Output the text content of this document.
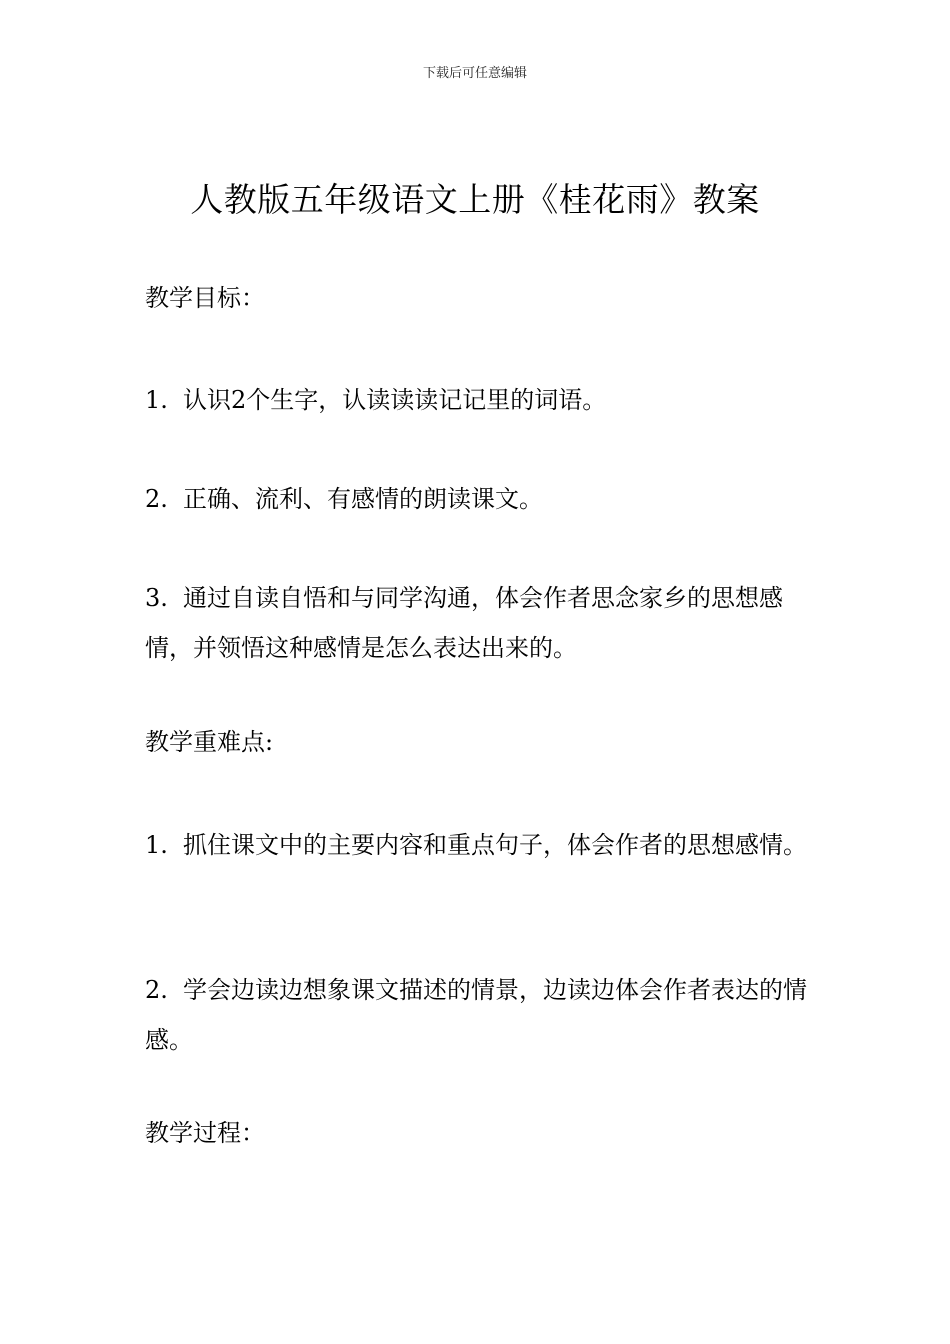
下载后可任意编辑
人教版五年级语文上册《桂花雨》教案

教学目标：

1. 认识2个生字，认读读读记记里的词语。

2. 正确、流利、有感情的朗读课文。

3. 通过自读自悟和与同学沟通，体会作者思念家乡的思想感情，并领悟这种感情是怎么表达出来的。

教学重难点:

1. 抓住课文中的主要内容和重点句子，体会作者的思想感情。

2. 学会边读边想象课文描述的情景，边读边体会作者表达的情感。

教学过程：
